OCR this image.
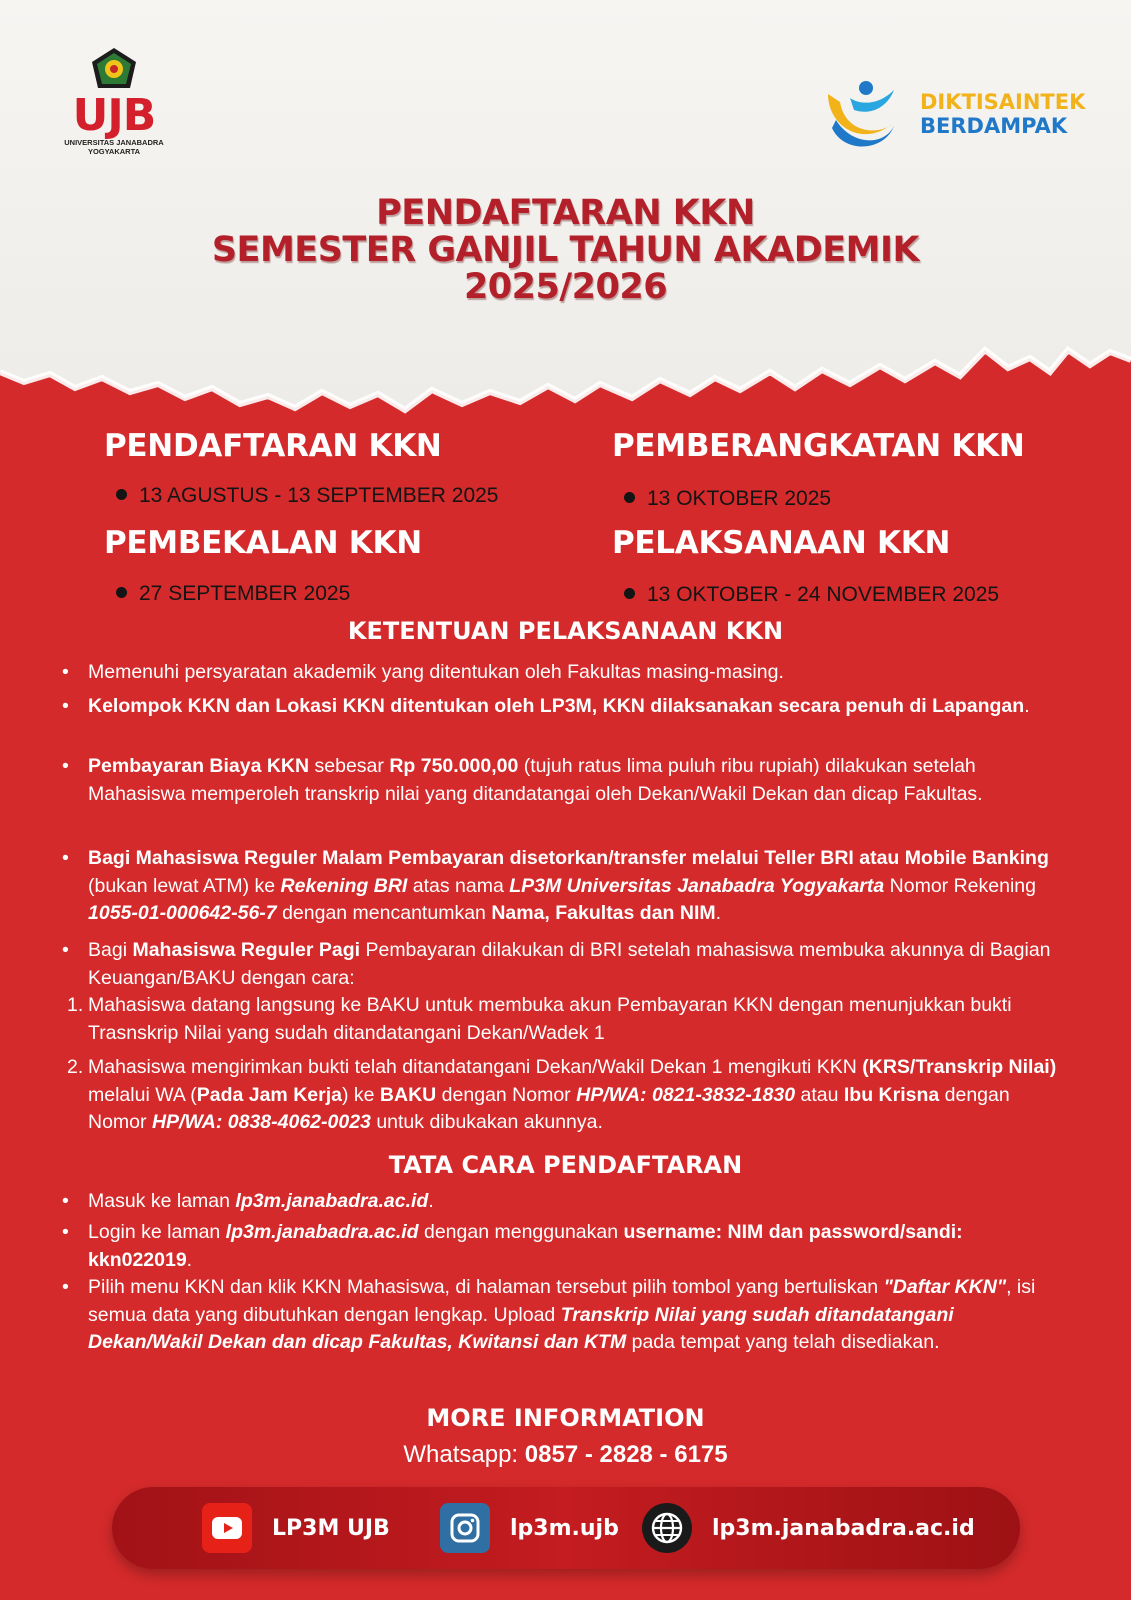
UJB
UNIVERSITAS JANABADRA
YOGYAKARTA
DIKTISAINTEK
BERDAMPAK
PENDAFTARAN KKN
SEMESTER GANJIL TAHUN AKADEMIK
2025/2026
PENDAFTARAN KKN
13 AGUSTUS - 13 SEPTEMBER 2025
PEMBERANGKATAN KKN
13 OKTOBER 2025
PEMBEKALAN KKN
27 SEPTEMBER 2025
PELAKSANAAN KKN
13 OKTOBER - 24 NOVEMBER 2025
KETENTUAN PELAKSANAAN KKN
• Memenuhi persyaratan akademik yang ditentukan oleh Fakultas masing-masing.
• Kelompok KKN dan Lokasi KKN ditentukan oleh LP3M, KKN dilaksanakan secara penuh di Lapangan.
• Pembayaran Biaya KKN sebesar Rp 750.000,00 (tujuh ratus lima puluh ribu rupiah) dilakukan setelah Mahasiswa memperoleh transkrip nilai yang ditandatangai oleh Dekan/Wakil Dekan dan dicap Fakultas.
• Bagi Mahasiswa Reguler Malam Pembayaran disetorkan/transfer melalui Teller BRI atau Mobile Banking (bukan lewat ATM) ke Rekening BRI atas nama LP3M Universitas Janabadra Yogyakarta Nomor Rekening 1055-01-000642-56-7 dengan mencantumkan Nama, Fakultas dan NIM.
• Bagi Mahasiswa Reguler Pagi Pembayaran dilakukan di BRI setelah mahasiswa membuka akunnya di Bagian Keuangan/BAKU dengan cara:
1. Mahasiswa datang langsung ke BAKU untuk membuka akun Pembayaran KKN dengan menunjukkan bukti Trasnskrip Nilai yang sudah ditandatangani Dekan/Wadek 1
2. Mahasiswa mengirimkan bukti telah ditandatangani Dekan/Wakil Dekan 1 mengikuti KKN (KRS/Transkrip Nilai) melalui WA (Pada Jam Kerja) ke BAKU dengan Nomor HP/WA: 0821-3832-1830 atau Ibu Krisna dengan Nomor HP/WA: 0838-4062-0023 untuk dibukakan akunnya.
TATA CARA PENDAFTARAN
• Masuk ke laman lp3m.janabadra.ac.id.
• Login ke laman lp3m.janabadra.ac.id dengan menggunakan username: NIM dan password/sandi: kkn022019.
• Pilih menu KKN dan klik KKN Mahasiswa, di halaman tersebut pilih tombol yang bertuliskan "Daftar KKN", isi semua data yang dibutuhkan dengan lengkap. Upload Transkrip Nilai yang sudah ditandatangani Dekan/Wakil Dekan dan dicap Fakultas, Kwitansi dan KTM pada tempat yang telah disediakan.
MORE INFORMATION
Whatsapp: 0857 - 2828 - 6175
LP3M UJB	lp3m.ujb	lp3m.janabadra.ac.id
